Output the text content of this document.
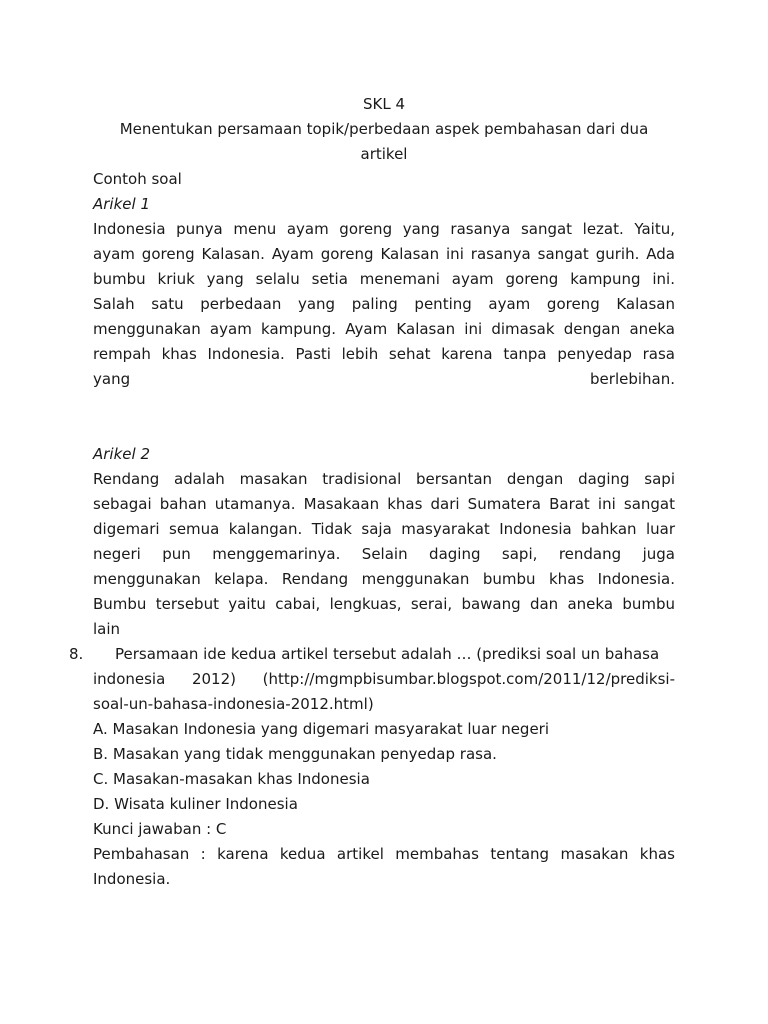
SKL 4
Menentukan persamaan topik/perbedaan aspek pembahasan dari dua
artikel
Contoh soal
Arikel 1
Indonesia punya menu ayam goreng yang rasanya sangat lezat. Yaitu,
ayam goreng Kalasan. Ayam goreng Kalasan ini rasanya sangat gurih. Ada
bumbu kriuk yang selalu setia menemani ayam goreng kampung ini.
Salah satu perbedaan yang paling penting ayam goreng Kalasan
menggunakan ayam kampung. Ayam Kalasan ini dimasak dengan aneka
rempah khas Indonesia. Pasti lebih sehat karena tanpa penyedap rasa
yang berlebihan.
Arikel 2
Rendang adalah masakan tradisional bersantan dengan daging sapi
sebagai bahan utamanya. Masakaan khas dari Sumatera Barat ini sangat
digemari semua kalangan. Tidak saja masyarakat Indonesia bahkan luar
negeri pun menggemarinya. Selain daging sapi, rendang juga
menggunakan kelapa. Rendang menggunakan bumbu khas Indonesia.
Bumbu tersebut yaitu cabai, lengkuas, serai, bawang dan aneka bumbu
lain
8.	Persamaan ide kedua artikel tersebut adalah … (prediksi soal un bahasa
indonesia 2012) (http://mgmpbisumbar.blogspot.com/2011/12/prediksi-
soal-un-bahasa-indonesia-2012.html)
A. Masakan Indonesia yang digemari masyarakat luar negeri
B. Masakan yang tidak menggunakan penyedap rasa.
C. Masakan-masakan khas Indonesia
D. Wisata kuliner Indonesia
Kunci jawaban : C
Pembahasan : karena kedua artikel membahas tentang masakan khas
Indonesia.
